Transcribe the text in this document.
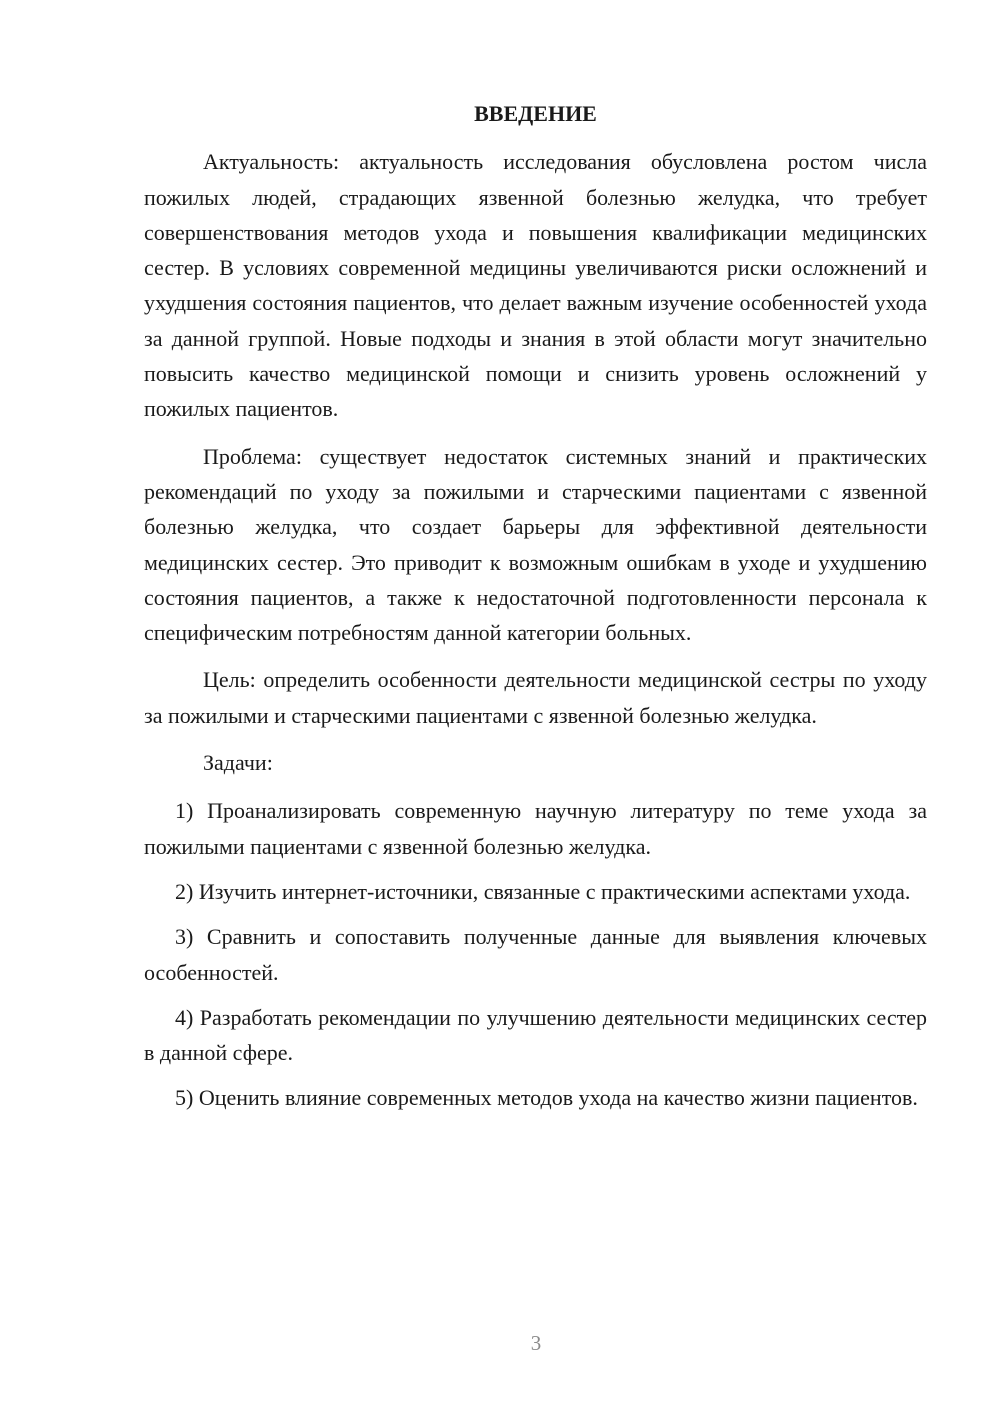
ВВЕДЕНИЕ

Актуальность: актуальность исследования обусловлена ростом числа пожилых людей, страдающих язвенной болезнью желудка, что требует совершенствования методов ухода и повышения квалификации медицинских сестер. В условиях современной медицины увеличиваются риски осложнений и ухудшения состояния пациентов, что делает важным изучение особенностей ухода за данной группой. Новые подходы и знания в этой области могут значительно повысить качество медицинской помощи и снизить уровень осложнений у пожилых пациентов.

Проблема: существует недостаток системных знаний и практических рекомендаций по уходу за пожилыми и старческими пациентами с язвенной болезнью желудка, что создает барьеры для эффективной деятельности медицинских сестер. Это приводит к возможным ошибкам в уходе и ухудшению состояния пациентов, а также к недостаточной подготовленности персонала к специфическим потребностям данной категории больных.

Цель: определить особенности деятельности медицинской сестры по уходу за пожилыми и старческими пациентами с язвенной болезнью желудка.

Задачи:

1) Проанализировать современную научную литературу по теме ухода за пожилыми пациентами с язвенной болезнью желудка.

2) Изучить интернет-источники, связанные с практическими аспектами ухода.

3) Сравнить и сопоставить полученные данные для выявления ключевых особенностей.

4) Разработать рекомендации по улучшению деятельности медицинских сестер в данной сфере.

5) Оценить влияние современных методов ухода на качество жизни пациентов.

3
